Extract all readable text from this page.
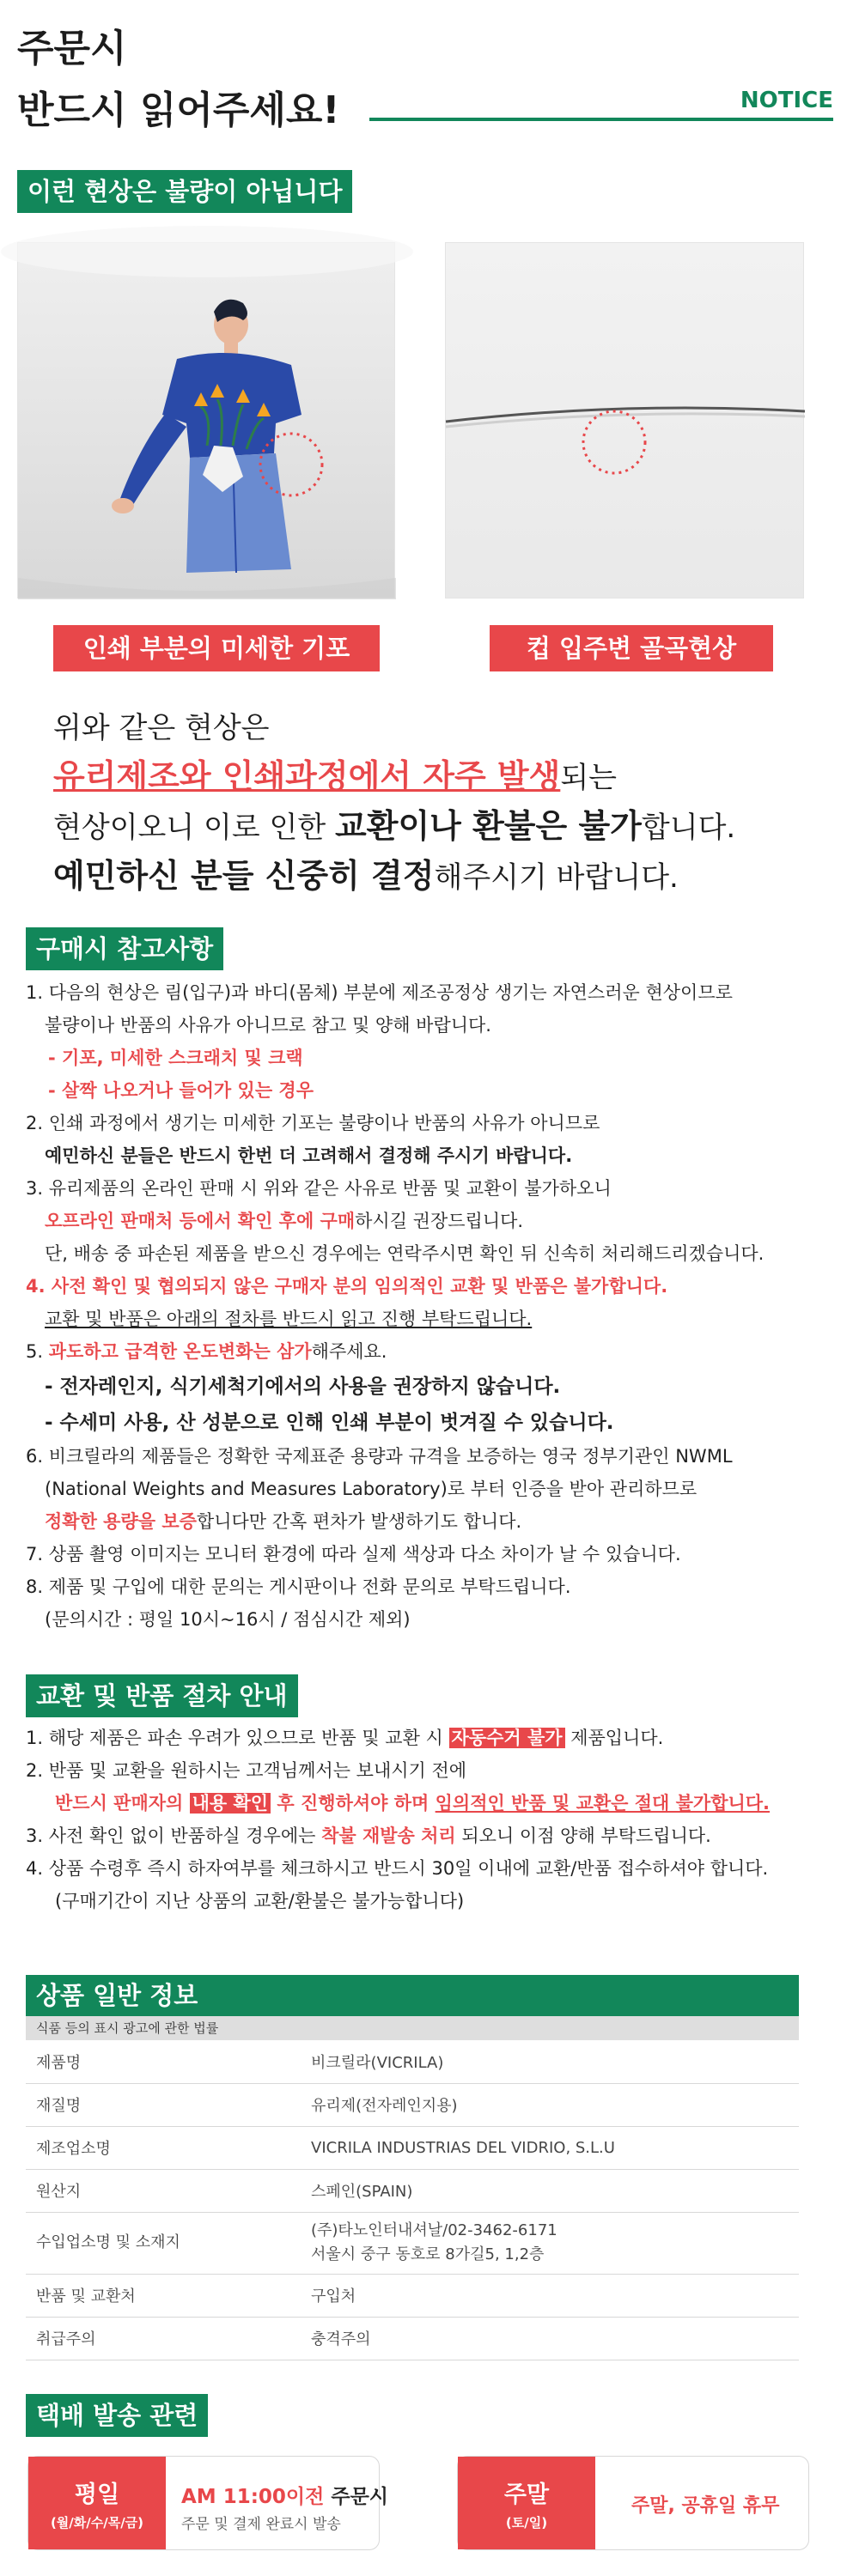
주문시
반드시 읽어주세요!	NOTICE
이런 현상은 불량이 아닙니다
인쇄 부분의 미세한 기포	컵 입주변 골곡현상
위와 같은 현상은
유리제조와 인쇄과정에서 자주 발생되는
현상이오니 이로 인한 교환이나 환불은 불가합니다.
예민하신 분들 신중히 결정해주시기 바랍니다.
구매시 참고사항
1. 다음의 현상은 림(입구)과 바디(몸체) 부분에 제조공정상 생기는 자연스러운 현상이므로
불량이나 반품의 사유가 아니므로 참고 및 양해 바랍니다.
- 기포, 미세한 스크래치 및 크랙
- 살짝 나오거나 들어가 있는 경우
2. 인쇄 과정에서 생기는 미세한 기포는 불량이나 반품의 사유가 아니므로
예민하신 분들은 반드시 한번 더 고려해서 결정해 주시기 바랍니다.
3. 유리제품의 온라인 판매 시 위와 같은 사유로 반품 및 교환이 불가하오니
오프라인 판매처 등에서 확인 후에 구매하시길 권장드립니다.
단, 배송 중 파손된 제품을 받으신 경우에는 연락주시면 확인 뒤 신속히 처리해드리겠습니다.
4. 사전 확인 및 협의되지 않은 구매자 분의 임의적인 교환 및 반품은 불가합니다.
교환 및 반품은 아래의 절차를 반드시 읽고 진행 부탁드립니다.
5. 과도하고 급격한 온도변화는 삼가해주세요.
- 전자레인지, 식기세척기에서의 사용을 권장하지 않습니다.
- 수세미 사용, 산 성분으로 인해 인쇄 부분이 벗겨질 수 있습니다.
6. 비크릴라의 제품들은 정확한 국제표준 용량과 규격을 보증하는 영국 정부기관인 NWML
(National Weights and Measures Laboratory)로 부터 인증을 받아 관리하므로
정확한 용량을 보증합니다만 간혹 편차가 발생하기도 합니다.
7. 상품 촬영 이미지는 모니터 환경에 따라 실제 색상과 다소 차이가 날 수 있습니다.
8. 제품 및 구입에 대한 문의는 게시판이나 전화 문의로 부탁드립니다.
(문의시간 : 평일 10시~16시 / 점심시간 제외)
교환 및 반품 절차 안내
1. 해당 제품은 파손 우려가 있으므로 반품 및 교환 시 자동수거 불가 제품입니다.
2. 반품 및 교환을 원하시는 고객님께서는 보내시기 전에
반드시 판매자의 내용 확인 후 진행하셔야 하며 임의적인 반품 및 교환은 절대 불가합니다.
3. 사전 확인 없이 반품하실 경우에는 착불 재발송 처리 되오니 이점 양해 부탁드립니다.
4. 상품 수령후 즉시 하자여부를 체크하시고 반드시 30일 이내에 교환/반품 접수하셔야 합니다.
(구매기간이 지난 상품의 교환/환불은 불가능합니다)
상품 일반 정보
식품 등의 표시 광고에 관한 법률
제품명	비크릴라(VICRILA)
재질명	유리제(전자레인지용)
제조업소명	VICRILA INDUSTRIAS DEL VIDRIO, S.L.U
원산지	스페인(SPAIN)
수입업소명 및 소재지	(주)타노인터내셔날/02-3462-6171
서울시 중구 동호로 8가길5, 1,2층

반품 및 교환처	구입처
취급주의	충격주의
택배 발송 관련
평일
(월/화/수/목/금)
AM 11:00이전 주문시
주문 및 결제 완료시 발송
주말
(토/일)
주말, 공휴일 휴무
